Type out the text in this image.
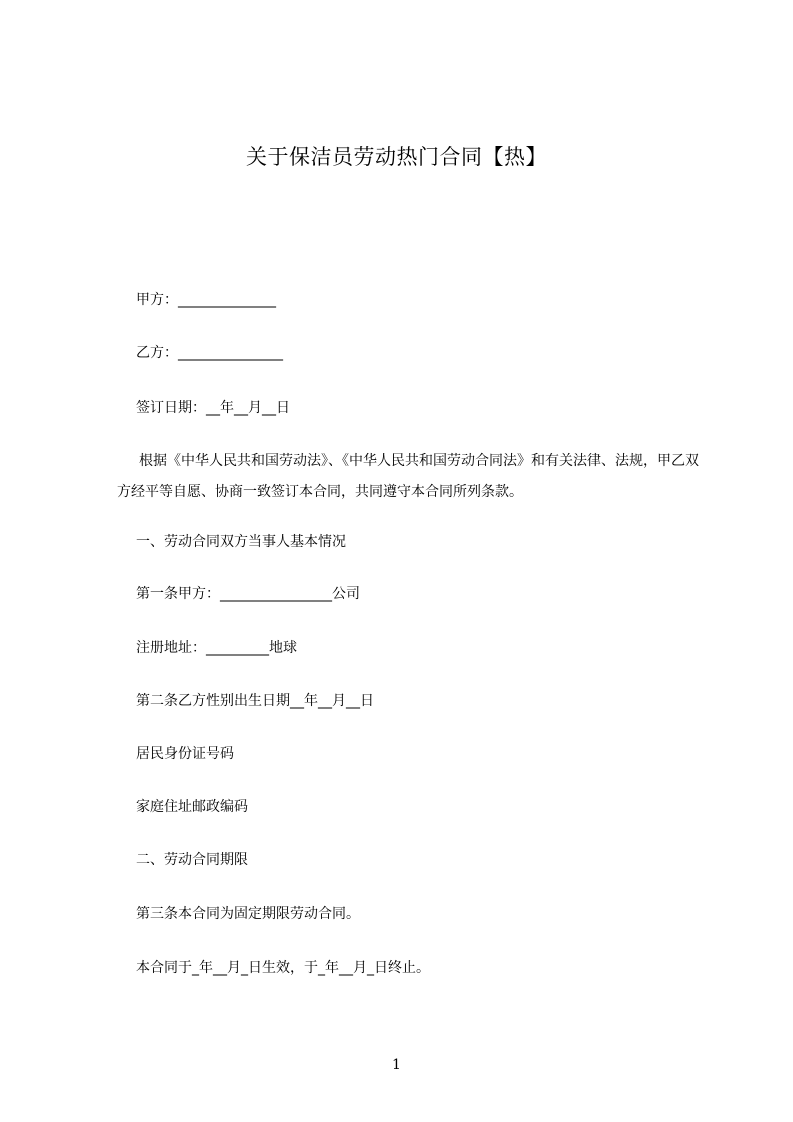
关于保洁员劳动热门合同【热】
甲方：______________
乙方：_______________
签订日期：__年__月__日
根据《中华人民共和国劳动法》、《中华人民共和国劳动合同法》和有关法律、法规，甲乙双方经平等自愿、协商一致签订本合同，共同遵守本合同所列条款。
一、劳动合同双方当事人基本情况
第一条甲方：________________公司
注册地址：_________地球
第二条乙方性别出生日期__年__月__日
居民身份证号码
家庭住址邮政编码
二、劳动合同期限
第三条本合同为固定期限劳动合同。
本合同于_年__月_日生效，于_年__月_日终止。
1
